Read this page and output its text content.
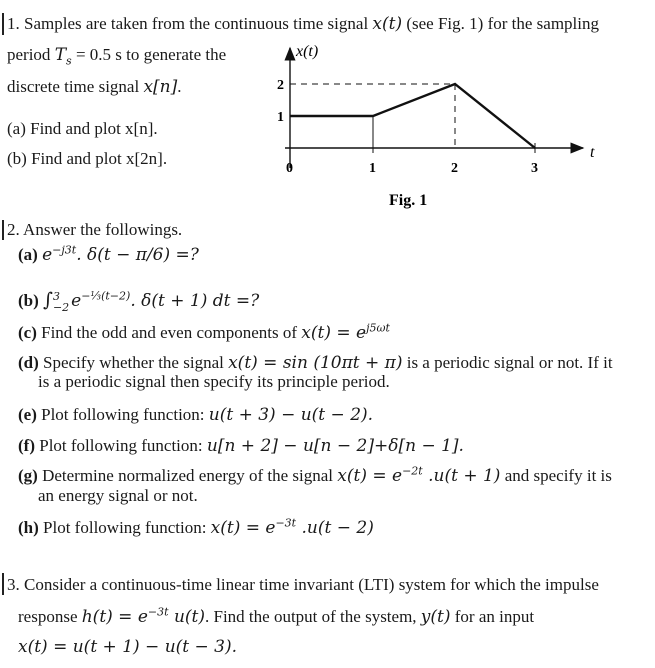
1. Samples are taken from the continuous time signal x(t) (see Fig. 1) for the sampling
period $T_s = 0.5$ s to generate the
discrete time signal x[n].
(a) Find and plot x[n].
(b) Find and plot x[2n].
x(t)
t
2
1
0	1	2	3
Fig. 1
2. Answer the followings.
(a) $e^{-j3t}$. δ(t − π/6) =?
(b) ∫ 3
−2 $e^{-\frac{1}{3}(t-2)}$. δ(t + 1) dt =?
(c) Find the odd and even components of $x(t) = e^{j5\omega t}$
(d) Specify whether the signal x(t) = sin (10πt + π) is a periodic signal or not. If it
is a periodic signal then specify its principle period.
(e) Plot following function: u(t + 3) − u(t − 2).
(f) Plot following function: u[n + 2] − u[n − 2]+δ[n − 1].
(g) Determine normalized energy of the signal $x(t) = e^{-2t}$ .u(t + 1) and specify it is
an energy signal or not.
(h) Plot following function: $x(t) = e^{-3t}$ .u(t − 2)
3. Consider a continuous-time linear time invariant (LTI) system for which the impulse
response $h(t) = e^{-3t}$ u(t). Find the output of the system, y(t) for an input
x(t) = u(t + 1) − u(t − 3).
